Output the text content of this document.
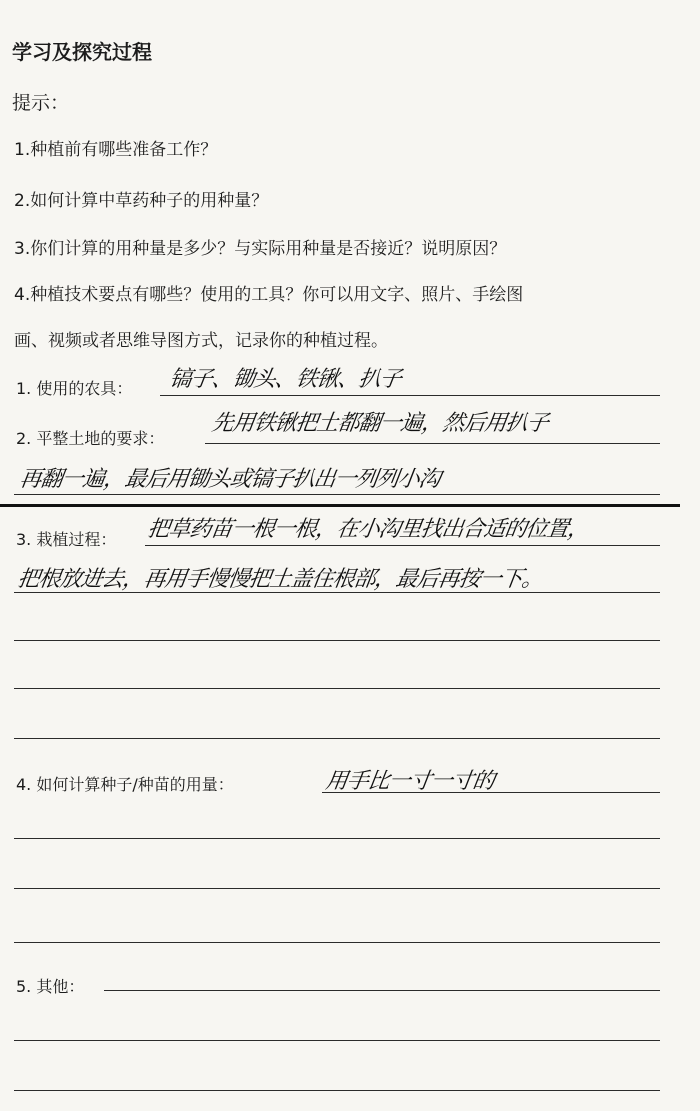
学习及探究过程
提示：
1.种植前有哪些准备工作？
2.如何计算中草药种子的用种量？
3.你们计算的用种量是多少？与实际用种量是否接近？说明原因？
4.种植技术要点有哪些？使用的工具？你可以用文字、照片、手绘图
画、视频或者思维导图方式，记录你的种植过程。
1. 使用的农具： 镐子、锄头、铁锹、扒子
2. 平整土地的要求：
先用铁锹把土都翻一遍，然后用扒子
再翻一遍，最后用锄头或镐子扒出一列列小沟
3. 栽植过程： 把草药苗一根一根，在小沟里找出合适的位置，
把根放进去，再用手慢慢把土盖住根部，最后再按一下。
4. 如何计算种子/种苗的用量：	用手比一寸一寸的
5. 其他：
